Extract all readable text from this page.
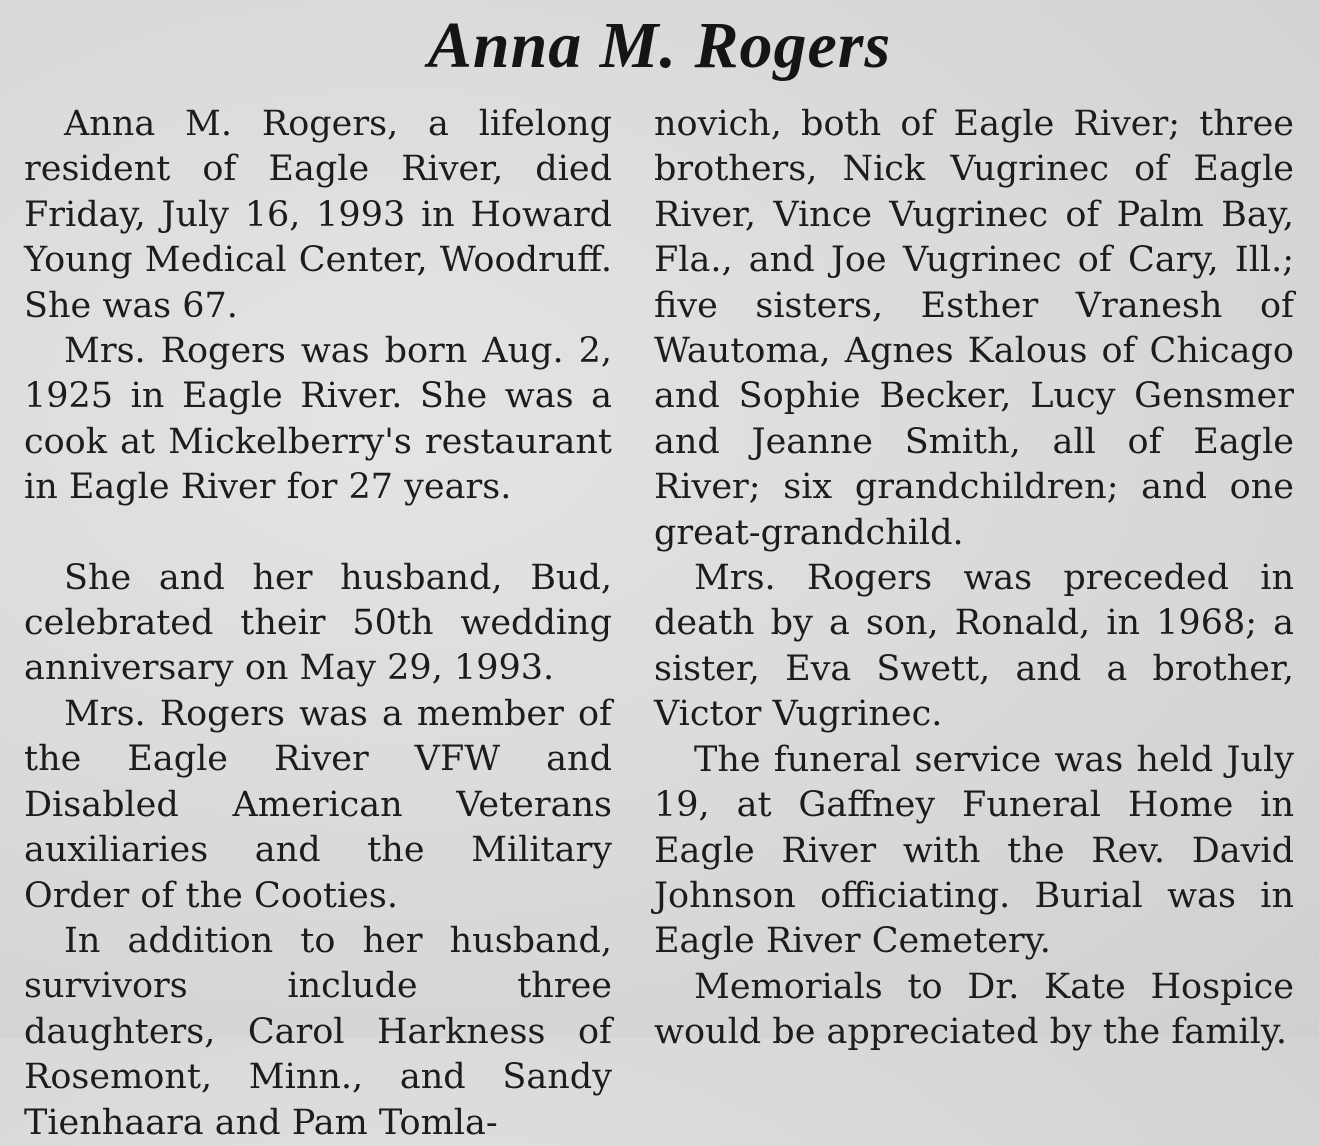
Anna M. Rogers

Anna M. Rogers, a lifelong resident of Eagle River, died Friday, July 16, 1993 in Howard Young Medical Center, Woodruff. She was 67.

Mrs. Rogers was born Aug. 2, 1925 in Eagle River. She was a cook at Mickelberry's restaurant in Eagle River for 27 years.

She and her husband, Bud, celebrated their 50th wedding anniversary on May 29, 1993.

Mrs. Rogers was a member of the Eagle River VFW and Disabled American Veterans auxiliaries and the Military Order of the Cooties.

In addition to her husband, survivors include three daughters, Carol Harkness of Rosemont, Minn., and Sandy Tienhaara and Pam Tomla-

novich, both of Eagle River; three brothers, Nick Vugrinec of Eagle River, Vince Vugrinec of Palm Bay, Fla., and Joe Vugrinec of Cary, Ill.; five sisters, Esther Vranesh of Wautoma, Agnes Kalous of Chicago and Sophie Becker, Lucy Gensmer and Jeanne Smith, all of Eagle River; six grandchildren; and one great-grandchild.

Mrs. Rogers was preceded in death by a son, Ronald, in 1968; a sister, Eva Swett, and a brother, Victor Vugrinec.

The funeral service was held July 19, at Gaffney Funeral Home in Eagle River with the Rev. David Johnson officiating. Burial was in Eagle River Cemetery.

Memorials to Dr. Kate Hospice would be appreciated by the family.
